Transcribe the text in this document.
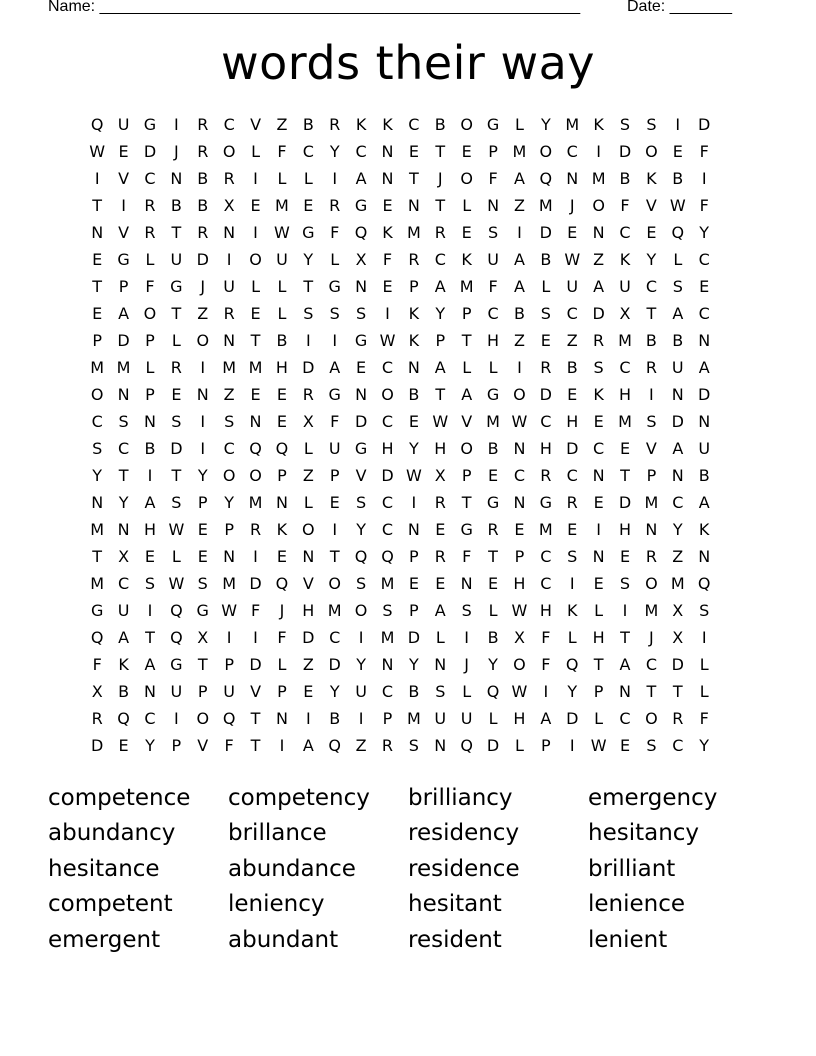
Name: ______________________________________________________	Date: _______
words their way
Q U G	I	R C V Z B R K K C B O G L	Y M K	S	S	I	D
W E D	J	R O L	F	C Y C N E	T	E	P M O C	I	D O E	F
I	V C N B R	I	L	L	I	A N T	J	O F	A Q N M B K B	I
T	I	R B B X E M E R G E N T	L N Z M	J	O F	V W F
N V R T R N	I	W G F Q K M R E	S	I	D E N C E Q Y
E G L	U D	I	O U Y	L	X	F	R C K U A B W Z K	Y	L	C
T	P	F G	J	U	L	L	T G N E	P	A M F	A	L	U A U C S	E
E A O T	Z R E	L	S	S	S	I	K	Y	P C B S C D X	T	A C
P D P	L O N T	B	I	I	G W K	P	T H Z E Z R M B B N
M M L	R	I	M M H D A E C N A	L	L	I	R B S C R U A
O N P	E N Z E	E R G N O B	T	A G O D E	K H	I	N D
C S N S	I	S N E X	F D C E W V M W C H E M S D N
S C B D	I	C Q Q L	U G H Y H O B N H D C E V A U
Y	T	I	T	Y O O P	Z	P	V D W X	P	E C R C N T	P N B
N Y	A S	P	Y M N L	E	S C	I	R T G N G R E D M C A
M N H W E	P	R K O	I	Y C N E G R E M E	I	H N Y	K
T	X E	L	E N	I	E N T Q Q P	R	F	T	P C S N E R Z N
M C S W S M D Q V O S M E	E N E H C	I	E	S O M Q
G U	I	Q G W F	J	H M O S	P	A S	L W H K	L	I	M X S
Q A	T Q X	I	I	F D C	I	M D L	I	B X	F	L H T	J	X	I
F	K A G T	P D L	Z D Y N Y N	J	Y O F Q T	A C D L
X B N U P U V	P	E	Y U C B S	L Q W	I	Y	P N T	T	L
R Q C	I	O Q T N	I	B	I	P M U U	L H A D L	C O R	F
D E	Y	P	V	F	T	I	A Q Z R S N Q D L	P	I	W E	S C Y
competence	competency	brilliancy	emergency
abundancy	brillance	residency	hesitancy
hesitance	abundance	residence	brilliant
competent	leniency	hesitant	lenience
emergent	abundant	resident	lenient
